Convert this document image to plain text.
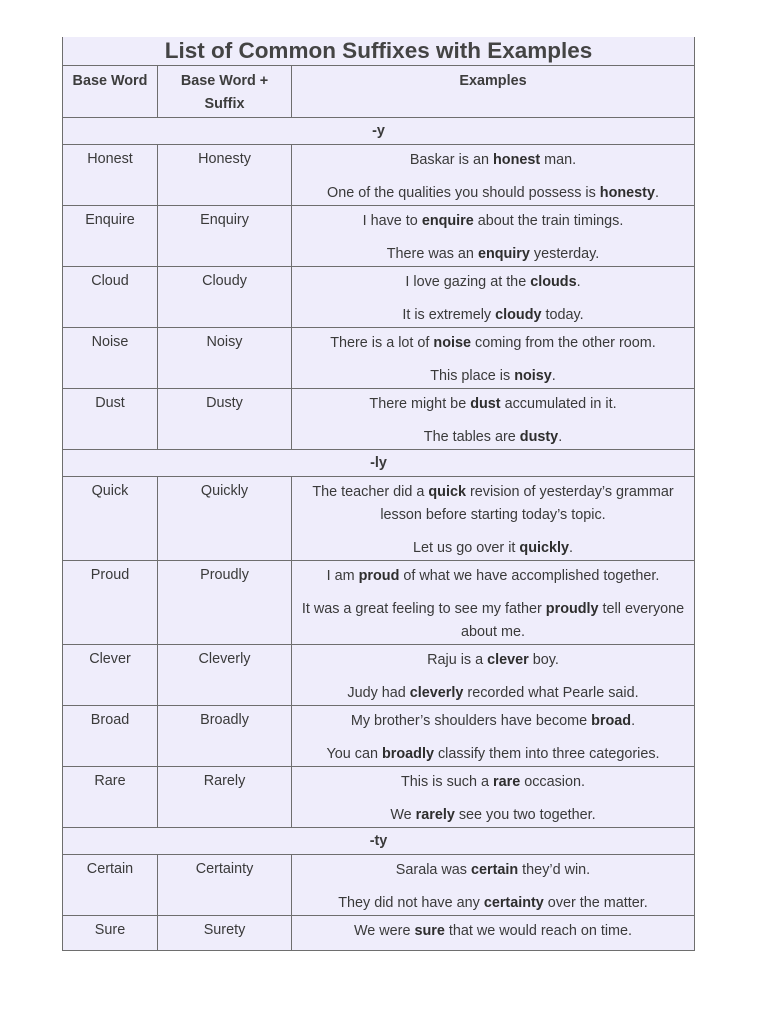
List of Common Suffixes with Examples		
Base Word	Base Word + Suffix	Examples
-y		
Honest	Honesty	Baskar is an honest man.

One of the qualities you should possess is honesty.

Enquire	Enquiry	I have to enquire about the train timings.

There was an enquiry yesterday.

Cloud	Cloudy	I love gazing at the clouds.

It is extremely cloudy today.

Noise	Noisy	There is a lot of noise coming from the other room.

This place is noisy.

Dust	Dusty	There might be dust accumulated in it.

The tables are dusty.

-ly		
Quick	Quickly	The teacher did a quick revision of yesterday’s grammar lesson before starting today’s topic.

Let us go over it quickly.

Proud	Proudly	I am proud of what we have accomplished together.

It was a great feeling to see my father proudly tell everyone about me.

Clever	Cleverly	Raju is a clever boy.

Judy had cleverly recorded what Pearle said.

Broad	Broadly	My brother’s shoulders have become broad.

You can broadly classify them into three categories.

Rare	Rarely	This is such a rare occasion.

We rarely see you two together.

-ty		
Certain	Certainty	Sarala was certain they’d win.

They did not have any certainty over the matter.

Sure	Surety	We were sure that we would reach on time.
